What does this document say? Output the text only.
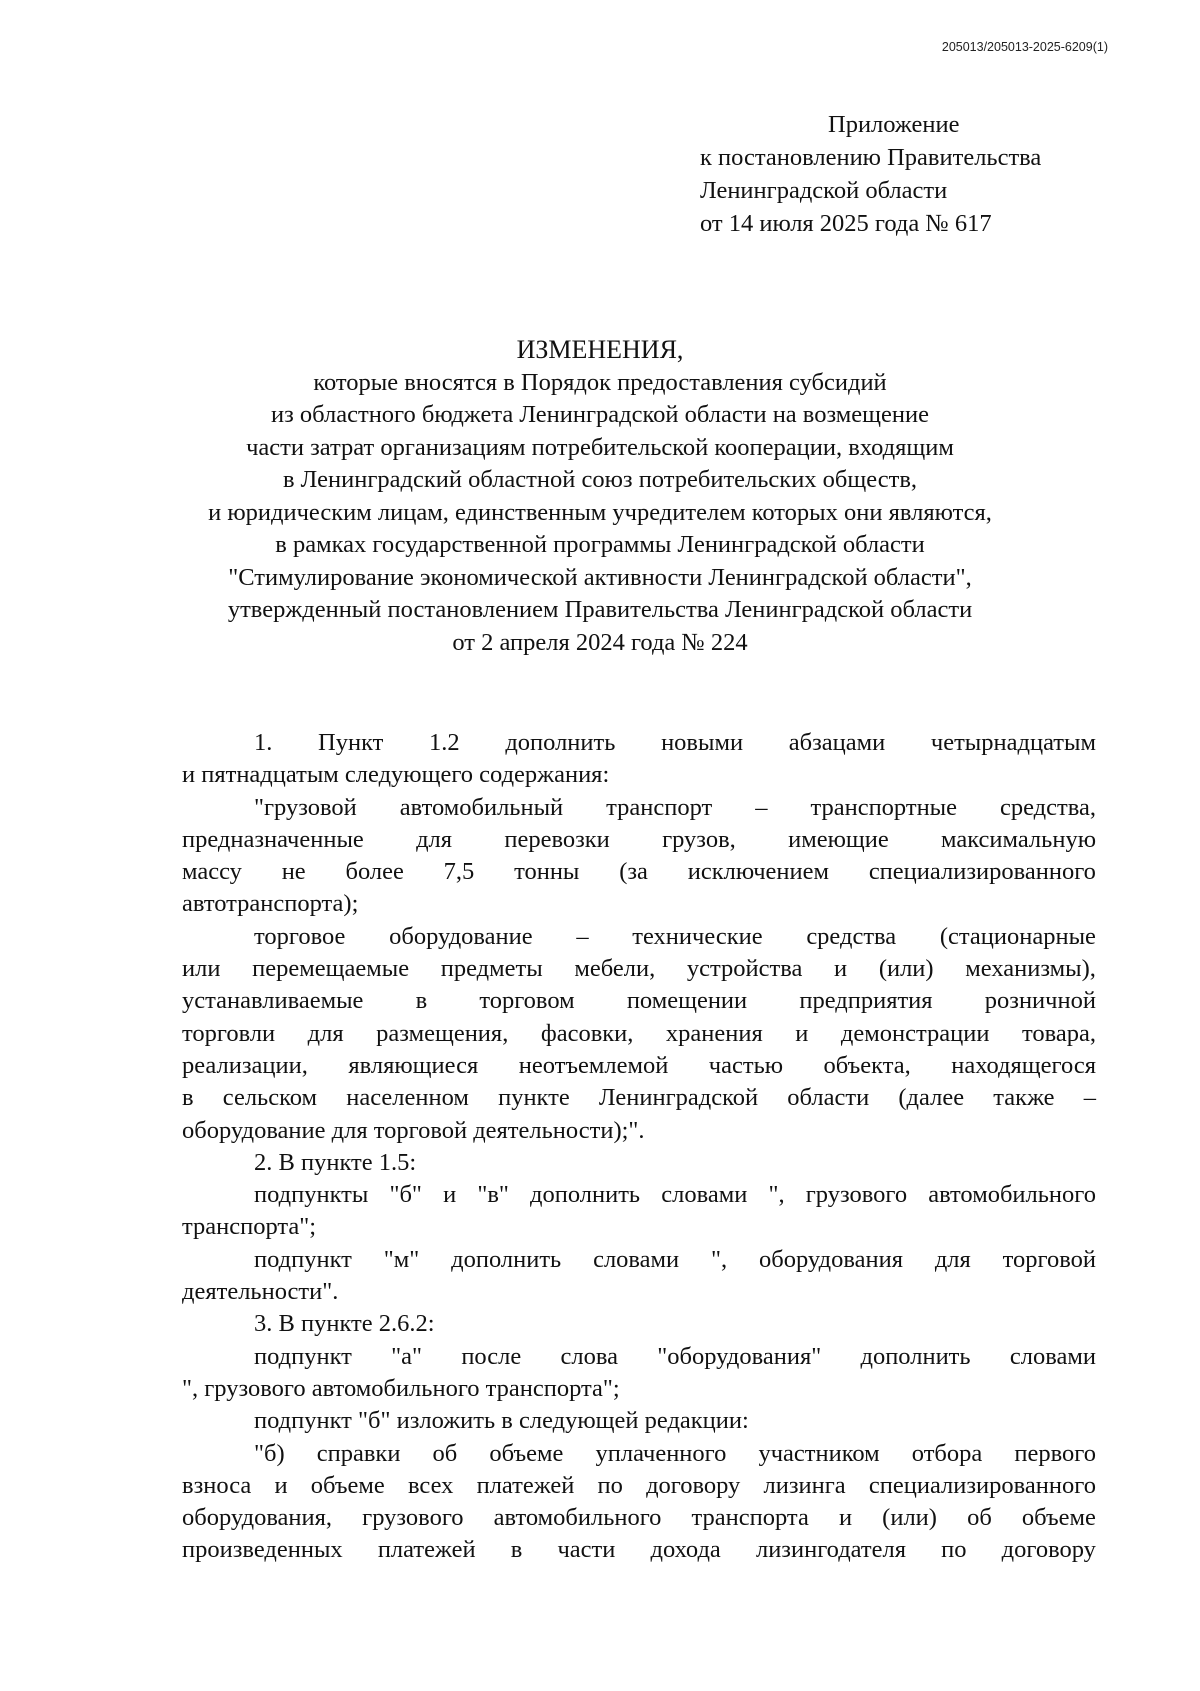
205013/205013-2025-6209(1)
Приложение
к постановлению Правительства
Ленинградской области
от 14 июля 2025 года № 617
ИЗМЕНЕНИЯ,
которые вносятся в Порядок предоставления субсидий
из областного бюджета Ленинградской области на возмещение
части затрат организациям потребительской кооперации, входящим
в Ленинградский областной союз потребительских обществ,
и юридическим лицам, единственным учредителем которых они являются,
в рамках государственной программы Ленинградской области
"Стимулирование экономической активности Ленинградской области",
утвержденный постановлением Правительства Ленинградской области
от 2 апреля 2024 года № 224
1. Пункт 1.2 дополнить новыми абзацами четырнадцатым
и пятнадцатым следующего содержания:
"грузовой автомобильный транспорт – транспортные средства,
предназначенные для перевозки грузов, имеющие максимальную
массу не более 7,5 тонны (за исключением специализированного
автотранспорта);
торговое оборудование – технические средства (стационарные
или перемещаемые предметы мебели, устройства и (или) механизмы),
устанавливаемые в торговом помещении предприятия розничной
торговли для размещения, фасовки, хранения и демонстрации товара,
реализации, являющиеся неотъемлемой частью объекта, находящегося
в сельском населенном пункте Ленинградской области (далее также –
оборудование для торговой деятельности);".
2. В пункте 1.5:
подпункты "б" и "в" дополнить словами ", грузового автомобильного
транспорта";
подпункт "м" дополнить словами ", оборудования для торговой
деятельности".
3. В пункте 2.6.2:
подпункт "а" после слова "оборудования" дополнить словами
", грузового автомобильного транспорта";
подпункт "б" изложить в следующей редакции:
"б) справки об объеме уплаченного участником отбора первого
взноса и объеме всех платежей по договору лизинга специализированного
оборудования, грузового автомобильного транспорта и (или) об объеме
произведенных платежей в части дохода лизингодателя по договору
